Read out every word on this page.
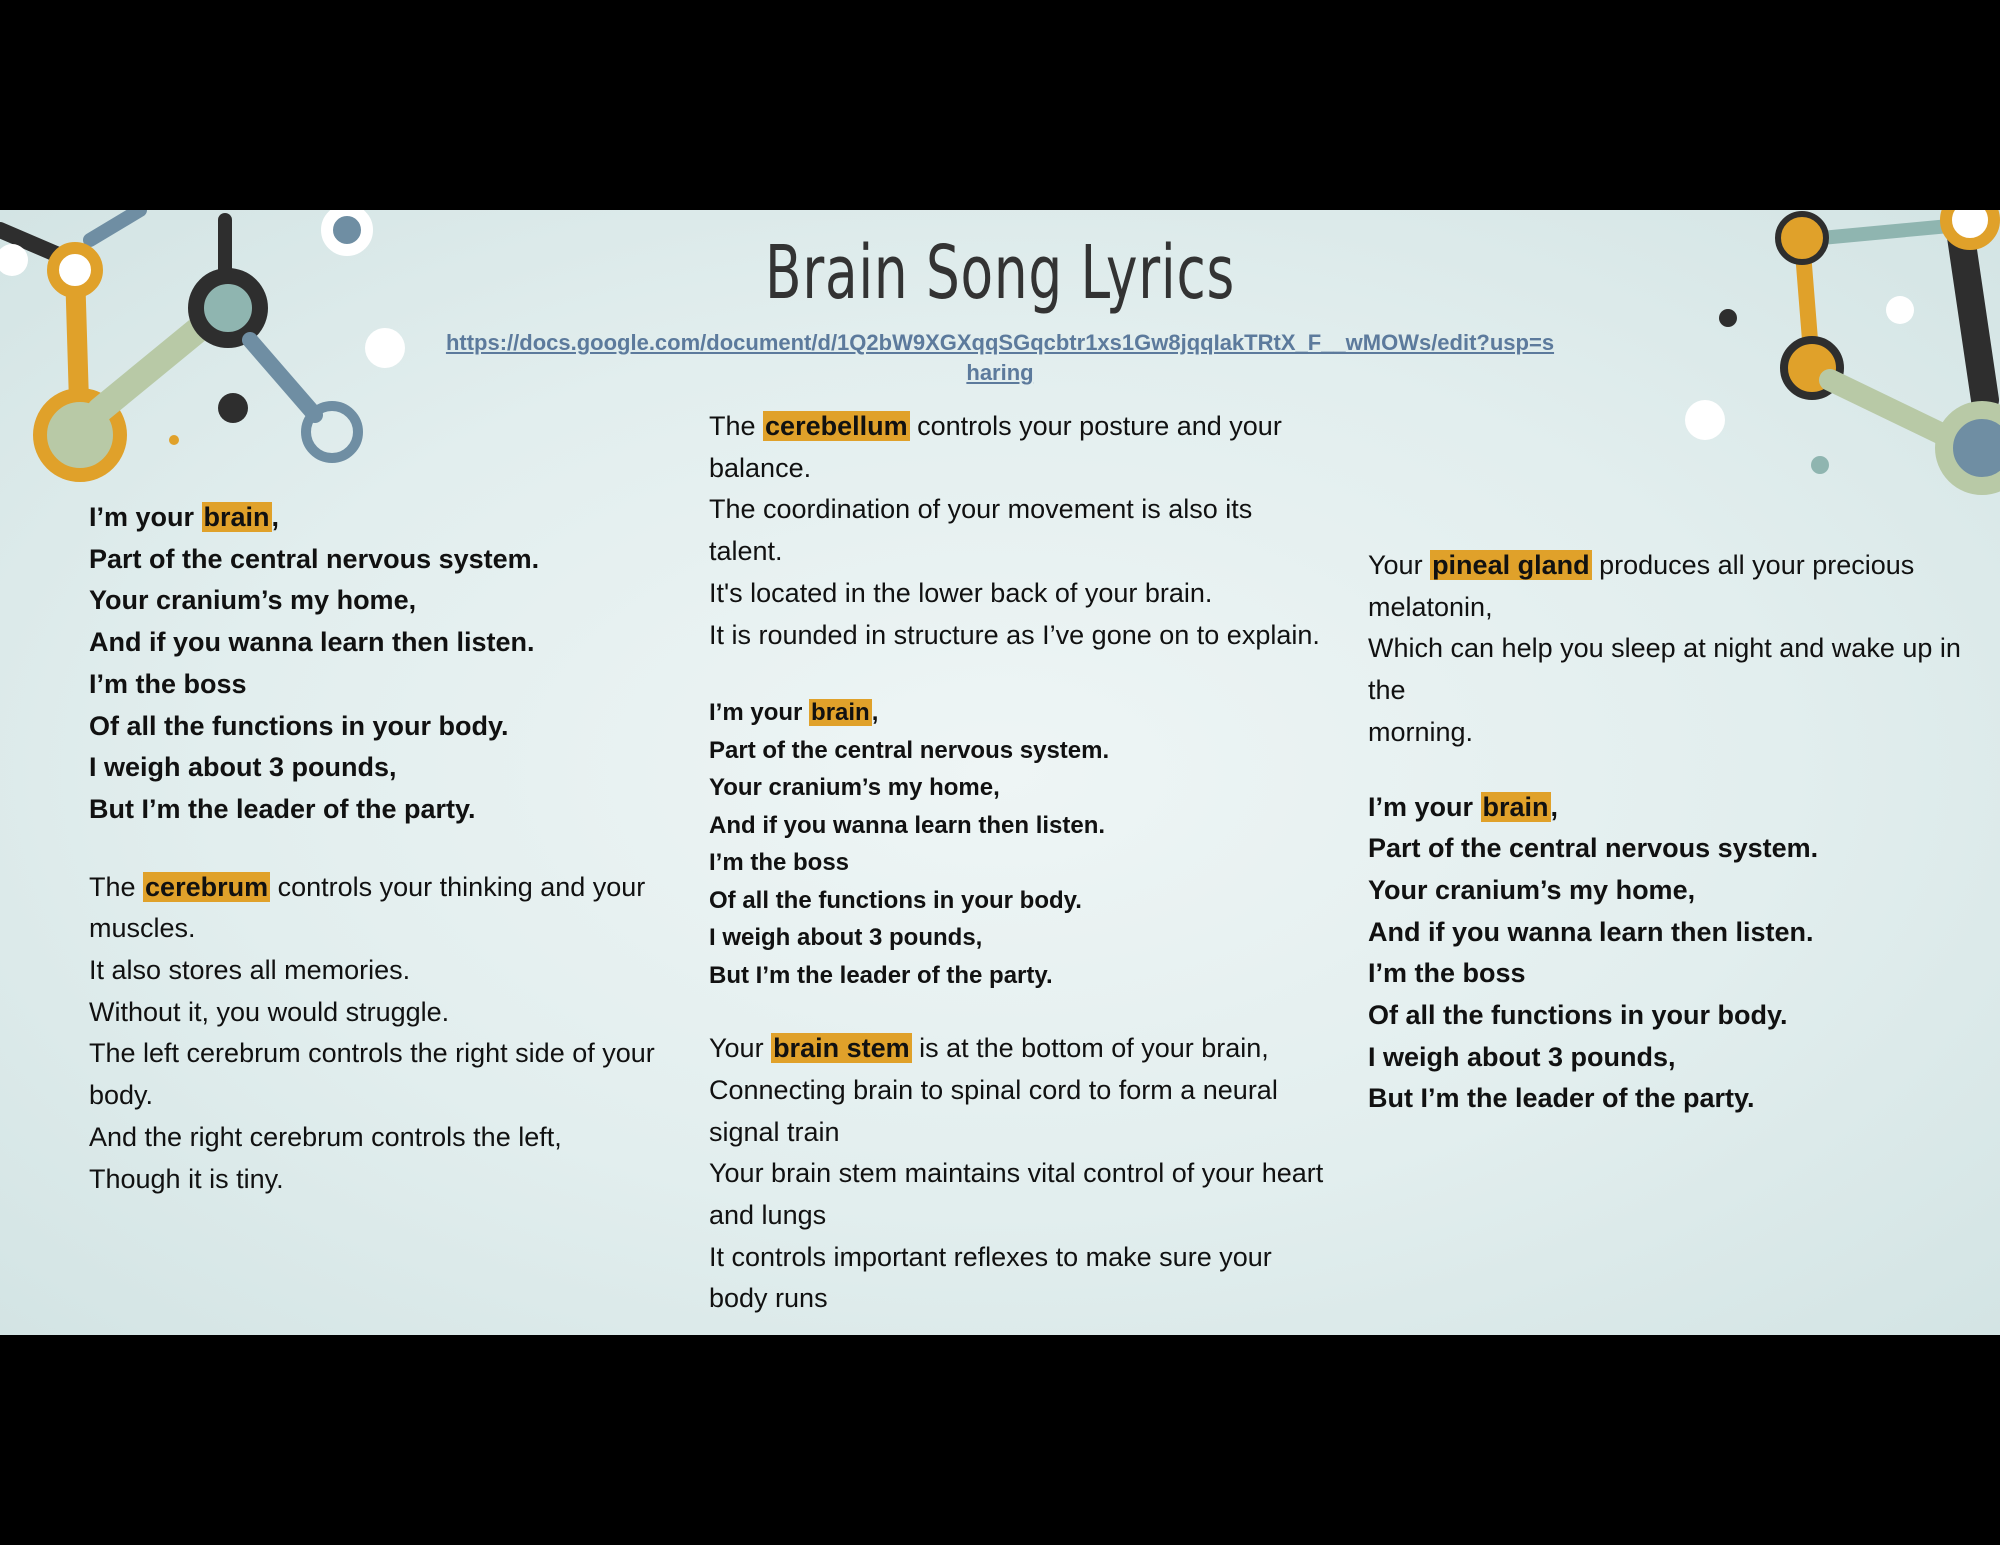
Brain Song Lyrics
https://docs.google.com/document/d/1Q2bW9XGXqqSGqcbtr1xs1Gw8jqqIakTRtX_F__wMOWs/edit?usp=sharing

I’m your brain,

Part of the central nervous system.

Your cranium’s my home,

And if you wanna learn then listen.

I’m the boss

Of all the functions in your body.

I weigh about 3 pounds,

But I’m the leader of the party.

The cerebrum controls your thinking and your

muscles.

It also stores all memories.

Without it, you would struggle.

The left cerebrum controls the right side of your

body.

And the right cerebrum controls the left,

Though it is tiny.

The cerebellum controls your posture and your

balance.

The coordination of your movement is also its

talent.

It's located in the lower back of your brain.

It is rounded in structure as I’ve gone on to explain.

I’m your brain,

Part of the central nervous system.

Your cranium’s my home,

And if you wanna learn then listen.

I’m the boss

Of all the functions in your body.

I weigh about 3 pounds,

But I’m the leader of the party.

Your brain stem is at the bottom of your brain,

Connecting brain to spinal cord to form a neural

signal train

Your brain stem maintains vital control of your heart

and lungs

It controls important reflexes to make sure your

body runs

Your pineal gland produces all your precious

melatonin,

Which can help you sleep at night and wake up in

the

morning.

I’m your brain,

Part of the central nervous system.

Your cranium’s my home,

And if you wanna learn then listen.

I’m the boss

Of all the functions in your body.

I weigh about 3 pounds,

But I’m the leader of the party.
